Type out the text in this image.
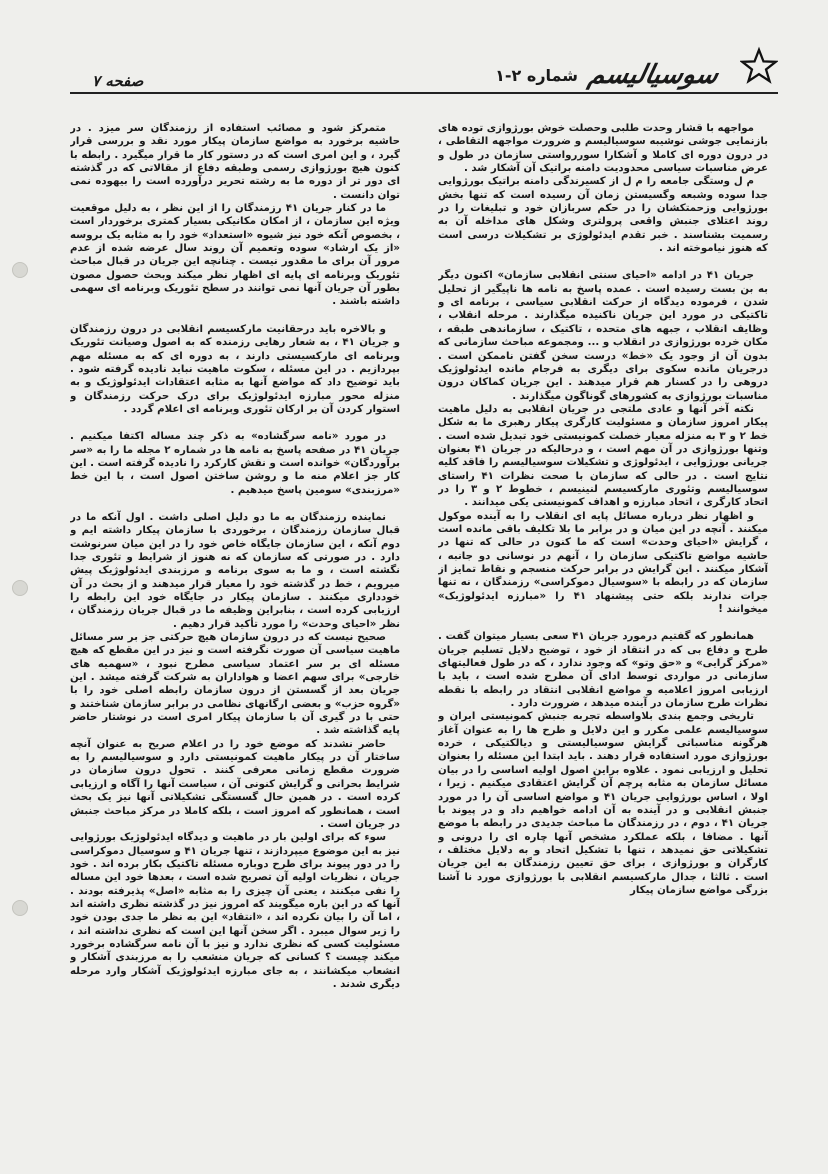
سوسیالیسم
شماره ۲-۱
صفحه ۷

مواجهه با قشار وحدت طلبی وحصلت خوش بورژوازی توده های بازنمایی جوشی نوشیبه سوسیالیسم و ضرورت مواجهه التقاطی ، در درون دوره ای کاملا و آشکارا سوررواستی سازمان در طول و عرض مناسبات سیاسی محدودیت دامنه براتیک آن آشکار شد .

م ل وستگی جامعه را م ل از کسیرندگی دامنه براتیک بورژوایی جدا سوده وشبعه وگسیستن زمان آن رسیده است که تنها بخش بورژوایی وزحمتکشان را در حکم سربازان خود و تبلیغات را در روند اعتلای جنبش واقعی پرولتری وشکل های مداخله آن به رسمیت بشناسند . خبر تقدم ایدئولوژی بر تشکیلات درسی است که هنوز نیاموخته اند .

جریان ۴۱ در ادامه «احیای سنتی انقلابی سازمان» اکنون دیگر به بن بست رسیده است . عمده پاسخ به نامه ها ناپیگیر از تحلیل شدن ، فرموده دیدگاه از حرکت انقلابی سیاسی ، برنامه ای و تاکتیکی در مورد این جریان ناکنیده میگذارند . مرحله انقلاب ، وظایف انقلاب ، جبهه های متحده ، تاکتیک ، سازماندهی طبقه ، مکان خرده بورژوازی در انقلاب و ... ومجموعه مباحث سازمانی که بدون آن از وجود یک «خط» درست سخن گفتن ناممکن است . درجریان مانده سکوی برای دیگری به فرجام مانده ایدئولوژیک دروهی را در کسنار هم قرار میدهند . این جریان کماکان درون مناسبات بورژوازی به کشورهای گوناگون میگذارند .

نکته آخر آنها و عادی ملتجی در جریان انقلابی به دلیل ماهیت پیکار امروز سازمان و مسئولیت کارگری پیکار رهبری ما به شکل خط ۲ و ۳ به منزله معیار خصلت کمونیستی خود تبدیل شده است . وتنها بورژوازی در آن مهم است ، و درحالیکه در جریان ۴۱ بعنوان جریانی بورژوایی ، ایدئولوژی و تشکیلات سوسیالیسم را فاقد کلیه نتایج است . در حالی که سازمان با صحت نظرات ۴۱ راستای سوسیالیسم وتئوری مارکسیسم لنینیسم ، خطوط ۲ و ۳ را در اتحاد کارگری ، اتحاد مبارزه و اهداف کمونیستی یکی میدانند .

و اظهار نظر درباره مسائل پایه ای انقلاب را به آینده موکول میکنند . آنچه در این میان و در برابر ما بلا تکلیف باقی مانده است ، گرایش «احیای وحدت» است که ما کنون در حالی که تنها در حاشیه مواضع تاکتیکی سازمان را ، آنهم در نوسانی دو جانبه ، آشکار میکنند . این گرایش در برابر حرکت منسجم و نقاط تمایز از سازمان که در رابطه با «سوسیال دموکراسی» رزمندگان ، نه تنها جرات ندارند بلکه حتی پیشنهاد ۴۱ را «مبارزه ایدئولوژیک» میخوانند !

همانطور که گفتیم درمورد جریان ۴۱ سعی بسیار میتوان گفت . طرح و دفاع بی که در انتقاد از خود ، توضیح دلایل تسلیم جریان «مرکز گرایی» و «حق وتو» که وجود ندارد ، که در طول فعالیتهای سازمانی در مواردی توسط ادای آن مطرح شده است ، باید با ارزیابی امروز اعلامیه و مواضع انقلابی انتقاد در رابطه با نقطه نظرات طرح سازمان در آینده میدهد ، ضرورت دارد .

تاریخی وجمع بندی بلاواسطه تجربه جنبش کمونیستی ایران و سوسیالیسم علمی مکرر و این دلایل و طرح ها را به عنوان آغاز هرگونه مناسباتی گرایش سوسیالیستی و دیالکتیکی ، خرده بورژوازی مورد استفاده قرار دهند . باید ابتدا این مسئله را بعنوان تحلیل و ارزیابی نمود . علاوه براین اصول اولیه اساسی را در بیان مسائل سازمان به مثابه پرچم آن گرایش اعتقادی میکنیم . زیرا ، اولا ، اساس بورژوایی جریان ۴۱ و مواضع اساسی آن را در مورد جنبش انقلابی و در آینده به آن ادامه خواهیم داد و در پیوند با جریان ۴۱ ، دوم ، در رزمندگان ما مباحث جدیدی در رابطه با موضع آنها . مضافا ، بلکه عملکرد مشخص آنها چاره ای را درونی و تشکیلاتی حق نمیدهد ، تنها با تشکیل اتحاد و به دلایل مختلف ، کارگران و بورژوازی ، برای حق تعیین رزمندگان به این جریان است . ثالثا ، جدال مارکسیسم انقلابی با بورژوازی مورد نا آشنا بزرگی مواضع سازمان پیکار

متمرکز شود و مصائب استفاده از رزمندگان سر میزد . در حاشیه برخورد به مواضع سازمان پیکار مورد نقد و بررسی قرار گیرد ، و این امری است که در دستور کار ما قرار میگیرد . رابطه با کنون هیچ بورژوازی رسمی وطبقه دفاع از مقالاتی که در گذشته ای دور تر از دوره ما به رشته تحریر درآورده است را بیهوده نمی توان دانست .

ما در کنار جریان ۴۱ رزمندگان را از این نظر ، به دلیل موقعیت ویژه این سازمان ، از امکان مکانیکی بسیار کمتری برخوردار است ، بخصوص آنکه خود نیز شیوه «استعداد» خود را به مثابه یک بروسه «از یک ارشاد» سوده وتعمیم آن روند سال عرضه شده از عدم مرور آن برای ما مقدور نیست . چنانچه این جریان در قبال مباحث تئوریک وبرنامه ای پایه ای اظهار نظر میکند وبحث حصول مصون بطور آن جریان آنها نمی توانند در سطح تئوریک وبرنامه ای سهمی داشته باشند .

و بالاخره باید درحقانیت مارکسیسم انقلابی در درون رزمندگان و جریان ۴۱ ، به شعار رهایی رزمنده که به اصول وصیانت تئوریک وبرنامه ای مارکسیستی دارند ، به دوره ای که به مسئله مهم بپردازیم . در این مسئله ، سکوت ماهیت نباید نادیده گرفته شود . باید توضیح داد که مواضع آنها به مثابه اعتقادات ایدئولوژیک و به منزله محور مبارزه ایدئولوژیک برای درک حرکت رزمندگان و استوار کردن آن بر ارکان تئوری وبرنامه ای اعلام گردد .

در مورد «نامه سرگشاده» به ذکر چند مساله اکتفا میکنیم . جریان ۴۱ در صفحه پاسخ به نامه ها در شماره ۲ مجله ما را به «سر برآوردگان» خوانده است و نقش کارکرد را نادیده گرفته است . این کار جز اعلام منه ما و روشن ساختن اصول است ، با این خط «مرزبندی» سومین پاسخ میدهیم .

نماینده رزمندگان به ما دو دلیل اصلی داشت . اول آنکه ما در قبال سازمان رزمندگان ، برخوردی با سازمان پیکار داشته ایم و دوم آنکه ، این سازمان جایگاه خاص خود را در این میان سرنوشت دارد . در صورتی که سازمان که نه هنوز از شرایط و تئوری جدا نگشته است ، و ما به سوی برنامه و مرزبندی ایدئولوژیک پیش میرویم ، خط در گذشته خود را معیار قرار میدهند و از بحث در آن خودداری میکنند . سازمان پیکار در جایگاه خود این رابطه را ارزیابی کرده است ، بنابراین وظیفه ما در قبال جریان رزمندگان ، نظر «احیای وحدت» را مورد تأکید قرار دهیم .

صحیح نیست که در درون سازمان هیچ حرکتی جز بر سر مسائل ماهیت سیاسی آن صورت نگرفته است و نیز در این مقطع که هیچ مسئله ای بر سر اعتماد سیاسی مطرح نبود ، «سهمیه های خارجی» برای سهم اعضا و هواداران به شرکت گرفته میشد . این جریان بعد از گسستن از درون سازمان رابطه اصلی خود را با «گروه حزب» و بعضی ارگانهای نظامی در برابر سازمان شناختند و حتی با در گیری آن با سازمان پیکار امری است در نوشتار حاضر پایه گذاشته شد .

حاضر نشدند که موضع خود را در اعلام صریح به عنوان آنچه ساختار آن در پیکار ماهیت کمونیستی دارد و سوسیالیسم را به ضرورت مقطع زمانی معرفی کنند . تحول درون سازمان در شرایط بحرانی و گرایش کنونی آن ، سیاست آنها را آگاه و ارزیابی کرده است . در همین حال گسستگی تشکیلاتی آنها نیز یک بحث است ، همانطور که امروز است ، بلکه کاملا در مرکز مباحث جنبش در جریان است .

سوء که برای اولین بار در ماهیت و دیدگاه ایدئولوژیک بورژوایی نیز به این موضوع میپردازند ، تنها جریان ۴۱ و سوسیال دموکراسی را در دور پیوند برای طرح دوباره مسئله تاکتیک بکار برده اند . خود جریان ، نظریات اولیه آن تصریح شده است ، بعدها خود این مساله را نفی میکنند ، یعنی آن چیزی را به مثابه «اصل» پذیرفته بودند . آنها که در این باره میگویند که امروز نیز در گذشته نظری داشته اند ، اما آن را بیان نکرده اند ، «انتقاد» این به نظر ما جدی بودن خود را زیر سوال میبرد . اگر سخن آنها این است که نظری نداشته اند ، مسئولیت کسی که نظری ندارد و نیز با آن نامه سرگشاده برخورد میکند چیست ؟ کسانی که جریان منشعب را به مرزبندی آشکار و انشعاب میکشانند ، به جای مبارزه ایدئولوژیک آشکار وارد مرحله دیگری شدند .
